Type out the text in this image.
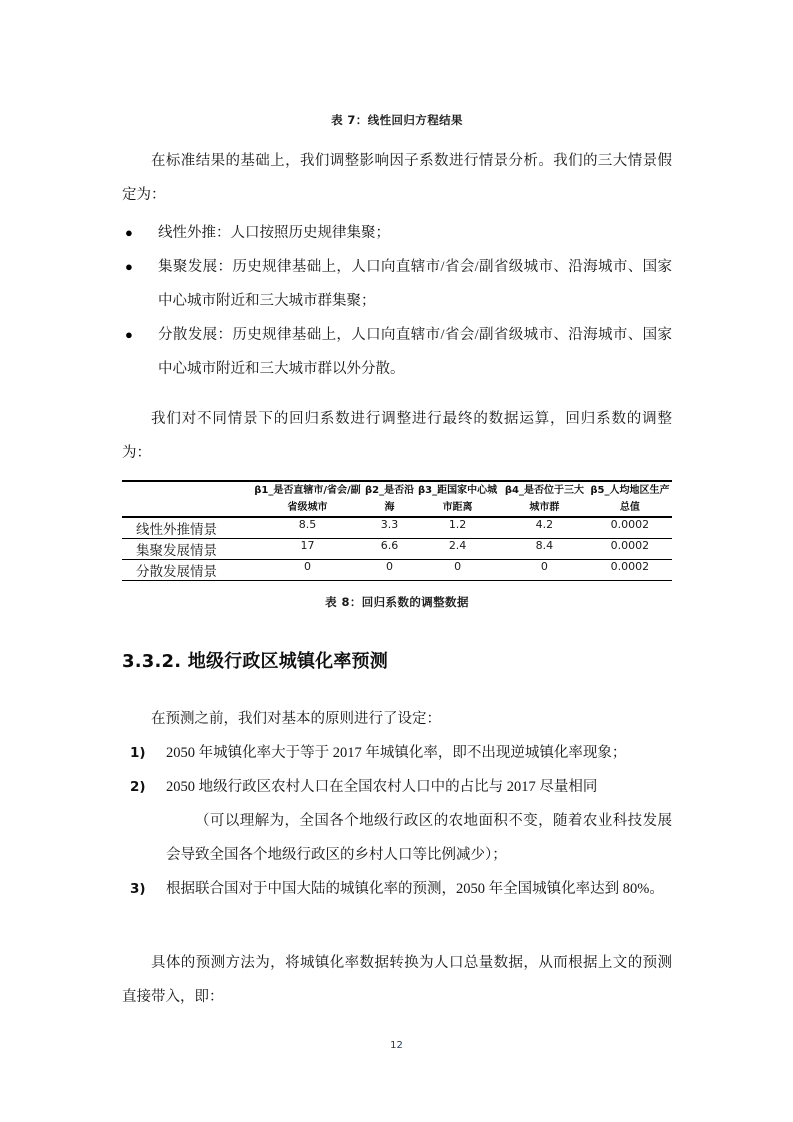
表 7：线性回归方程结果

在标准结果的基础上，我们调整影响因子系数进行情景分析。我们的三大情景假定为：

● 线性外推：人口按照历史规律集聚；
● 集聚发展：历史规律基础上，人口向直辖市/省会/副省级城市、沿海城市、国家中心城市附近和三大城市群集聚；
● 分散发展：历史规律基础上，人口向直辖市/省会/副省级城市、沿海城市、国家中心城市附近和三大城市群以外分散。

我们对不同情景下的回归系数进行调整进行最终的数据运算，回归系数的调整为：

	β1_是否直辖市/省会/副省级城市	β2_是否沿海	β3_距国家中心城市距离	β4_是否位于三大城市群	β5_人均地区生产总值
线性外推情景	8.5	3.3	1.2	4.2	0.0002
集聚发展情景	17	6.6	2.4	8.4	0.0002
分散发展情景	0	0	0	0	0.0002
表 8：回归系数的调整数据
3.3.2. 地级行政区城镇化率预测

在预测之前，我们对基本的原则进行了设定：

1) 2050 年城镇化率大于等于 2017 年城镇化率，即不出现逆城镇化率现象；
2) 2050 地级行政区农村人口在全国农村人口中的占比与 2017 尽量相同
（可以理解为，全国各个地级行政区的农地面积不变，随着农业科技发展会导致全国各个地级行政区的乡村人口等比例减少）；
3) 根据联合国对于中国大陆的城镇化率的预测，2050 年全国城镇化率达到 80%。

具体的预测方法为，将城镇化率数据转换为人口总量数据，从而根据上文的预测直接带入，即：

12
